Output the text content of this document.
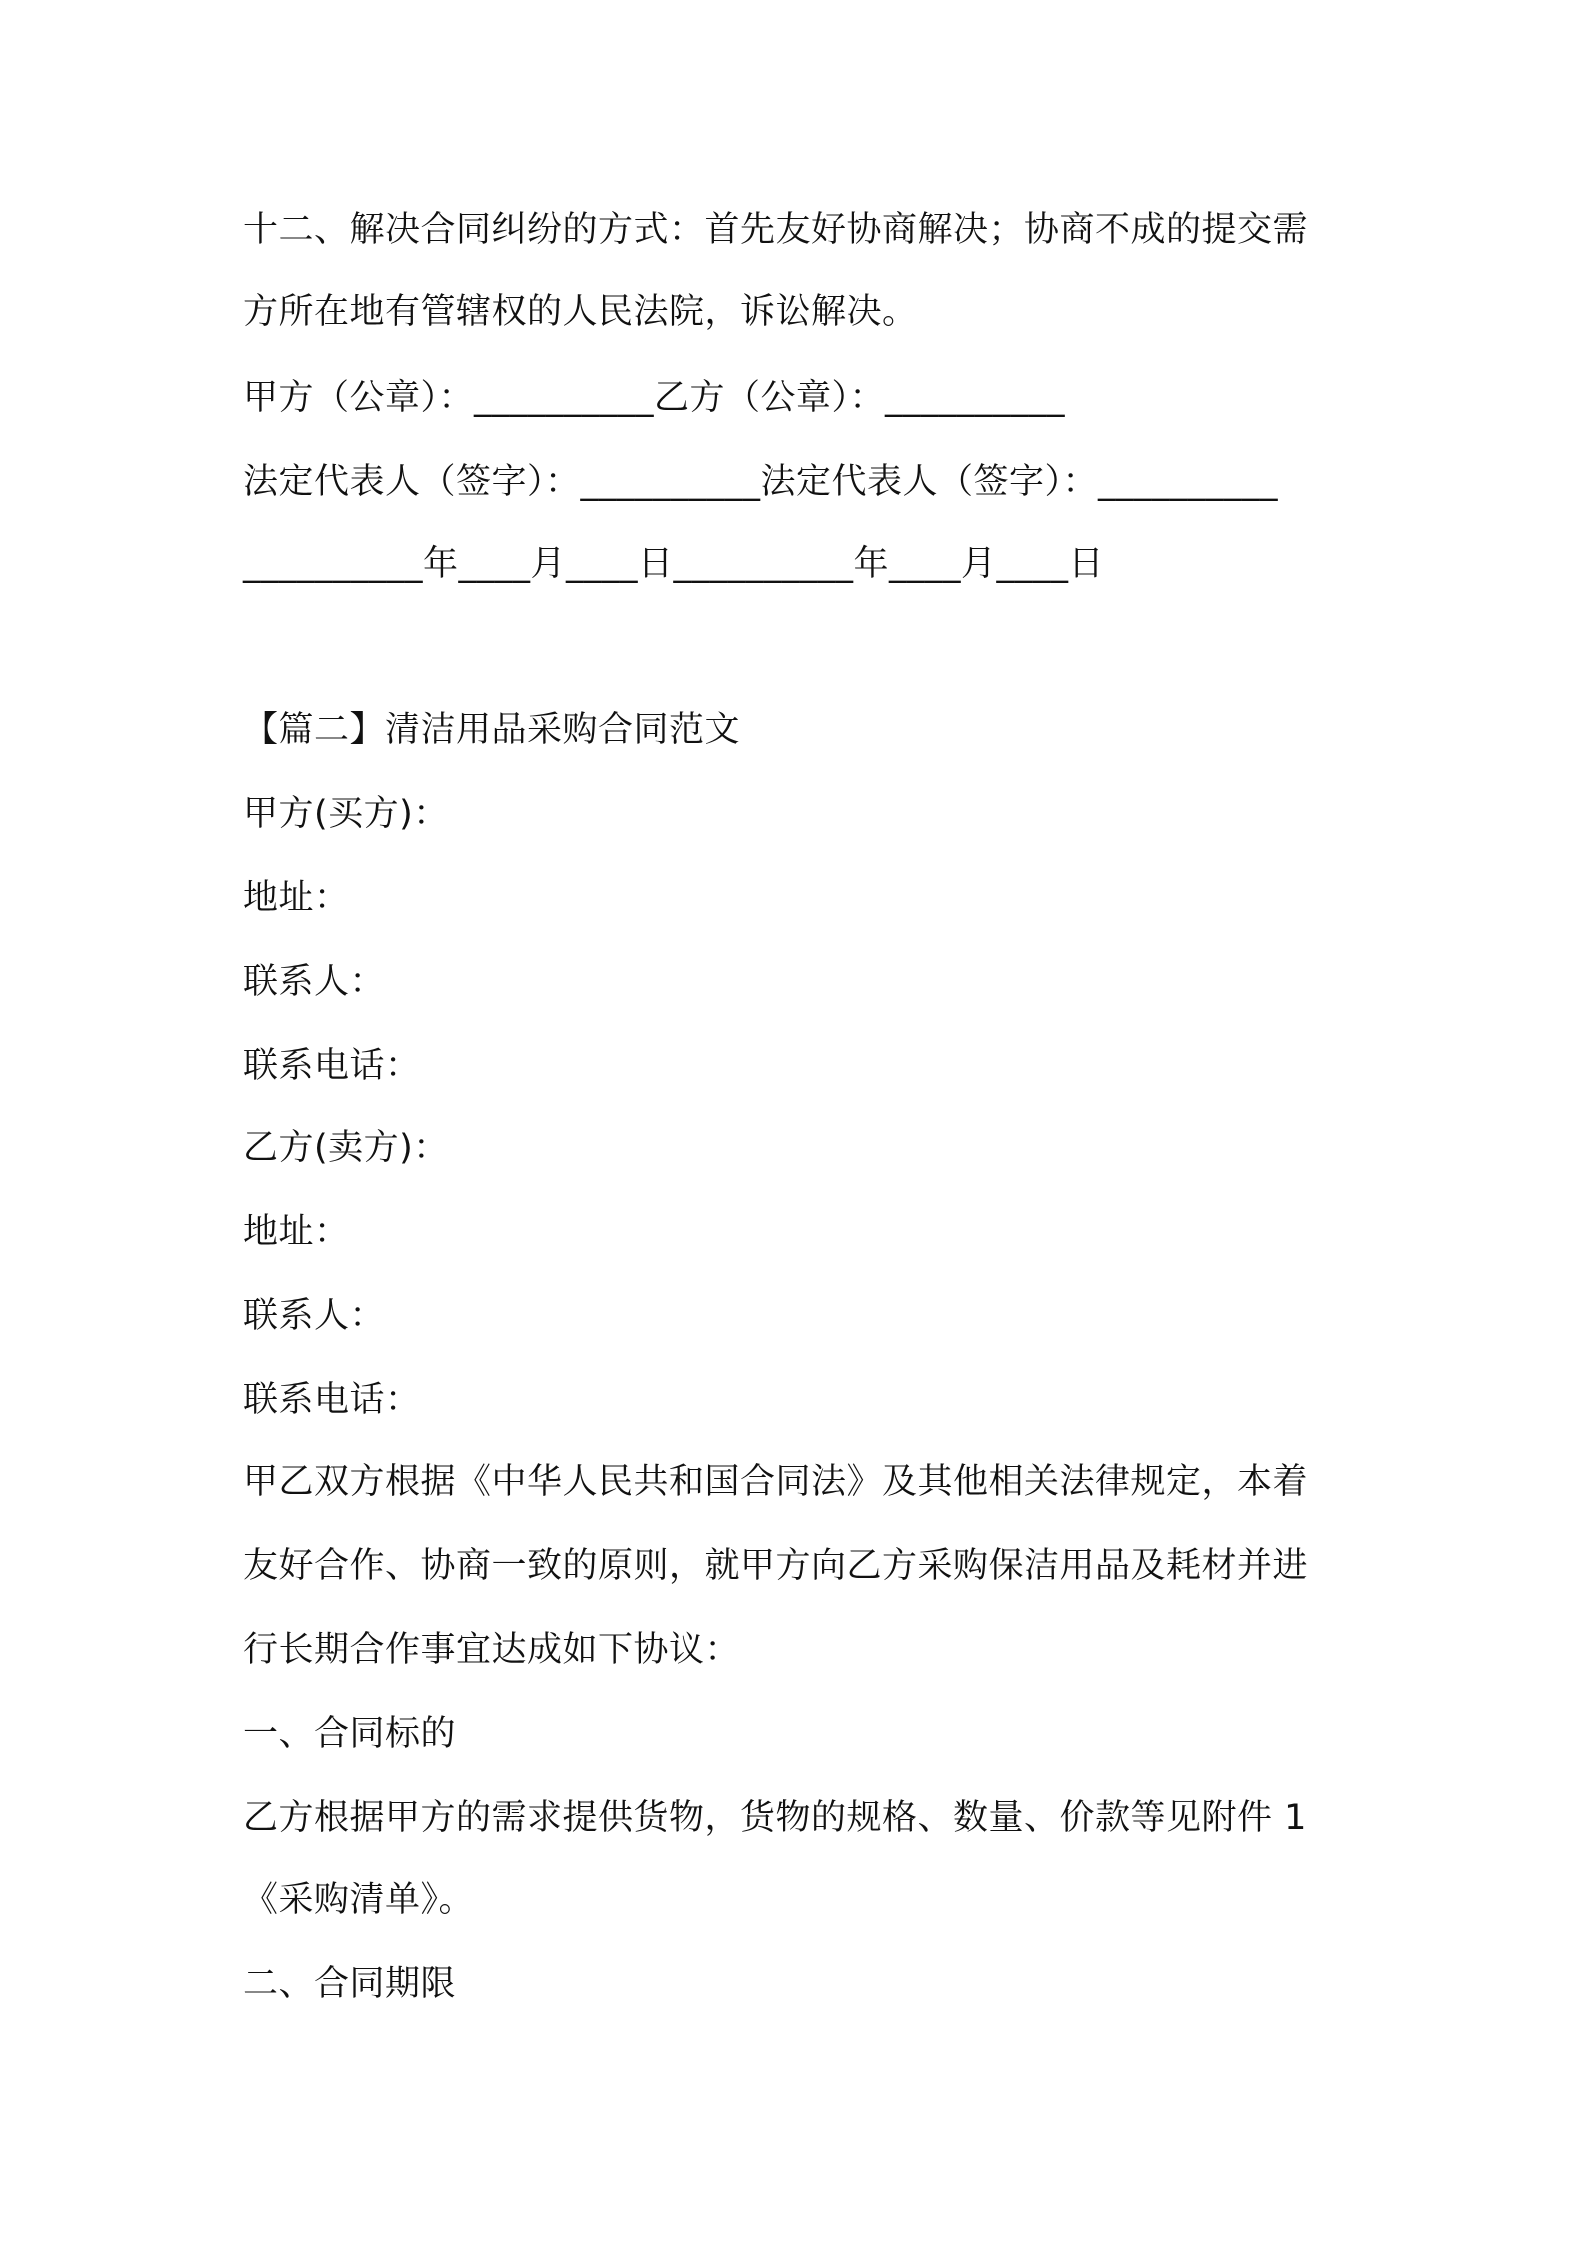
十二、解决合同纠纷的方式：首先友好协商解决；协商不成的提交需
方所在地有管辖权的人民法院，诉讼解决。
甲方（公章）：__________乙方（公章）：__________
法定代表人（签字）：__________法定代表人（签字）：__________
__________年____月____日__________年____月____日
【篇二】清洁用品采购合同范文
甲方(买方)：
地址：
联系人：
联系电话：
乙方(卖方)：
地址：
联系人：
联系电话：
甲乙双方根据《中华人民共和国合同法》及其他相关法律规定，本着
友好合作、协商一致的原则，就甲方向乙方采购保洁用品及耗材并进
行长期合作事宜达成如下协议：
一、合同标的
乙方根据甲方的需求提供货物，货物的规格、数量、价款等见附件 1
《采购清单》。
二、合同期限
